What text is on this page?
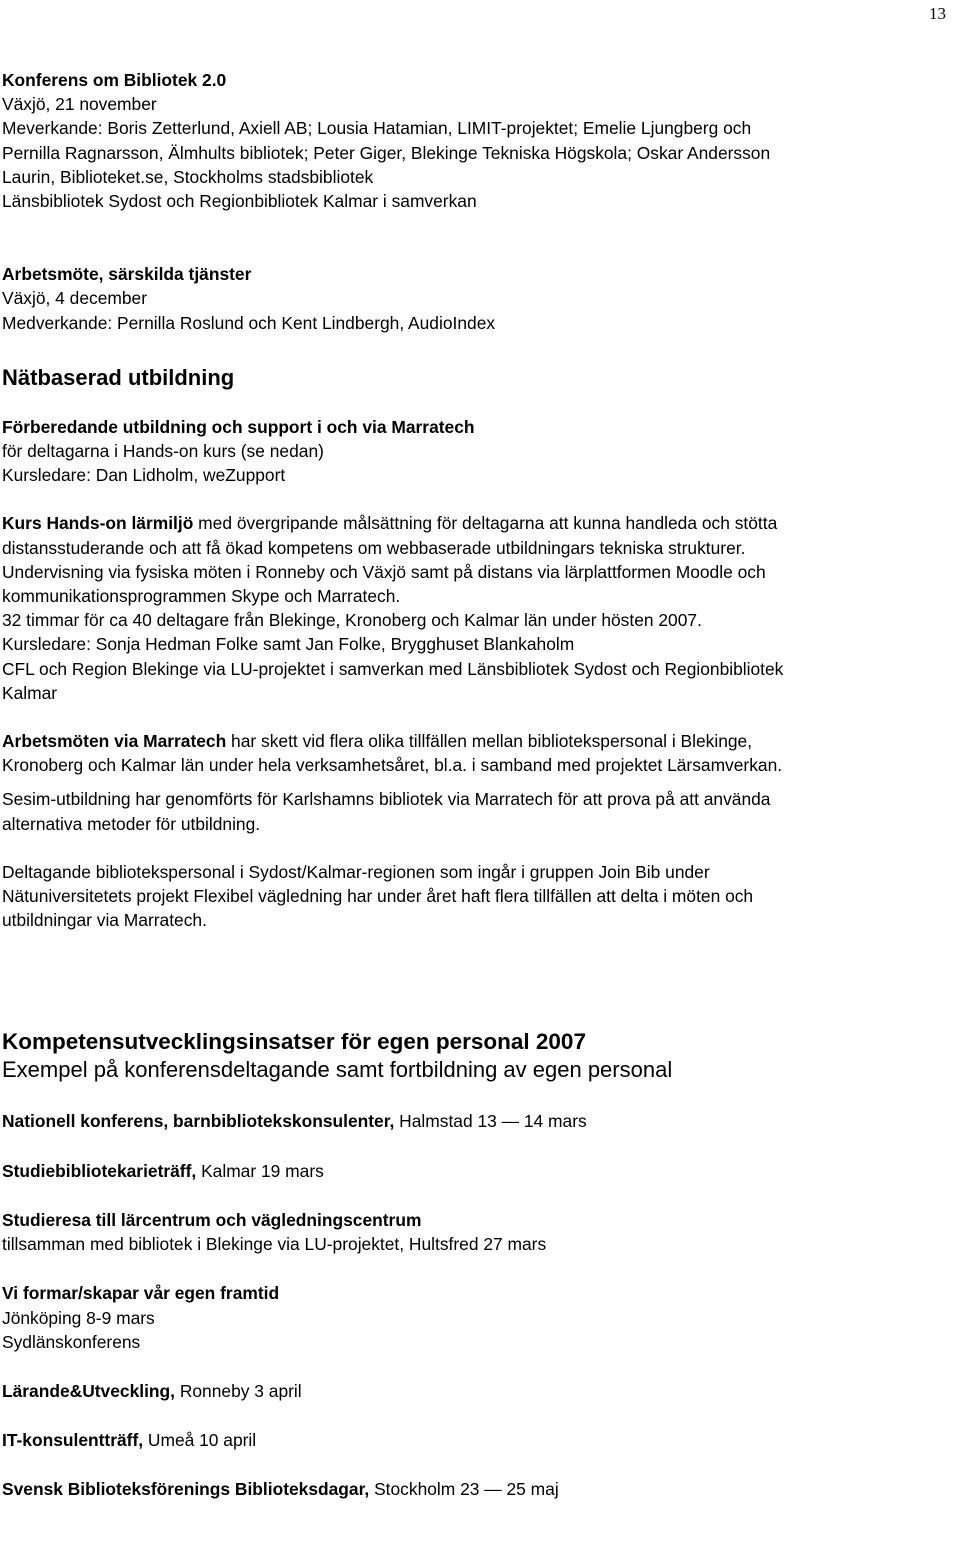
13

Konferens om Bibliotek 2.0

Växjö, 21 november

Meverkande: Boris Zetterlund, Axiell AB; Lousia Hatamian, LIMIT-projektet; Emelie Ljungberg och

Pernilla Ragnarsson, Älmhults bibliotek; Peter Giger, Blekinge Tekniska Högskola; Oskar Andersson

Laurin, Biblioteket.se, Stockholms stadsbibliotek

Länsbibliotek Sydost och Regionbibliotek Kalmar i samverkan

Arbetsmöte, särskilda tjänster

Växjö, 4 december

Medverkande: Pernilla Roslund och Kent Lindbergh, AudioIndex

Nätbaserad utbildning

Förberedande utbildning och support i och via Marratech

för deltagarna i Hands-on kurs (se nedan)

Kursledare: Dan Lidholm, weZupport

Kurs Hands-on lärmiljö med övergripande målsättning för deltagarna att kunna handleda och stötta

distansstuderande och att få ökad kompetens om webbaserade utbildningars tekniska strukturer.

Undervisning via fysiska möten i Ronneby och Växjö samt på distans via lärplattformen Moodle och

kommunikationsprogrammen Skype och Marratech.

32 timmar för ca 40 deltagare från Blekinge, Kronoberg och Kalmar län under hösten 2007.

Kursledare: Sonja Hedman Folke samt Jan Folke, Brygghuset Blankaholm

CFL och Region Blekinge via LU-projektet i samverkan med Länsbibliotek Sydost och Regionbibliotek

Kalmar

Arbetsmöten via Marratech har skett vid flera olika tillfällen mellan bibliotekspersonal i Blekinge,

Kronoberg och Kalmar län under hela verksamhetsåret, bl.a. i samband med projektet Lärsamverkan.

Sesim-utbildning har genomförts för Karlshamns bibliotek via Marratech för att prova på att använda

alternativa metoder för utbildning.

Deltagande bibliotekspersonal i Sydost/Kalmar-regionen som ingår i gruppen Join Bib under

Nätuniversitetets projekt Flexibel vägledning har under året haft flera tillfällen att delta i möten och

utbildningar via Marratech.

Kompetensutvecklingsinsatser för egen personal 2007

Exempel på konferensdeltagande samt fortbildning av egen personal

Nationell konferens, barnbibliotekskonsulenter, Halmstad 13 — 14 mars

Studiebibliotekarieträff, Kalmar 19 mars

Studieresa till lärcentrum och vägledningscentrum

tillsamman med bibliotek i Blekinge via LU-projektet, Hultsfred 27 mars

Vi formar/skapar vår egen framtid

Jönköping 8-9 mars

Sydlänskonferens

Lärande&Utveckling, Ronneby 3 april

IT-konsulentträff, Umeå 10 april

Svensk Biblioteksförenings Biblioteksdagar, Stockholm 23 — 25 maj
